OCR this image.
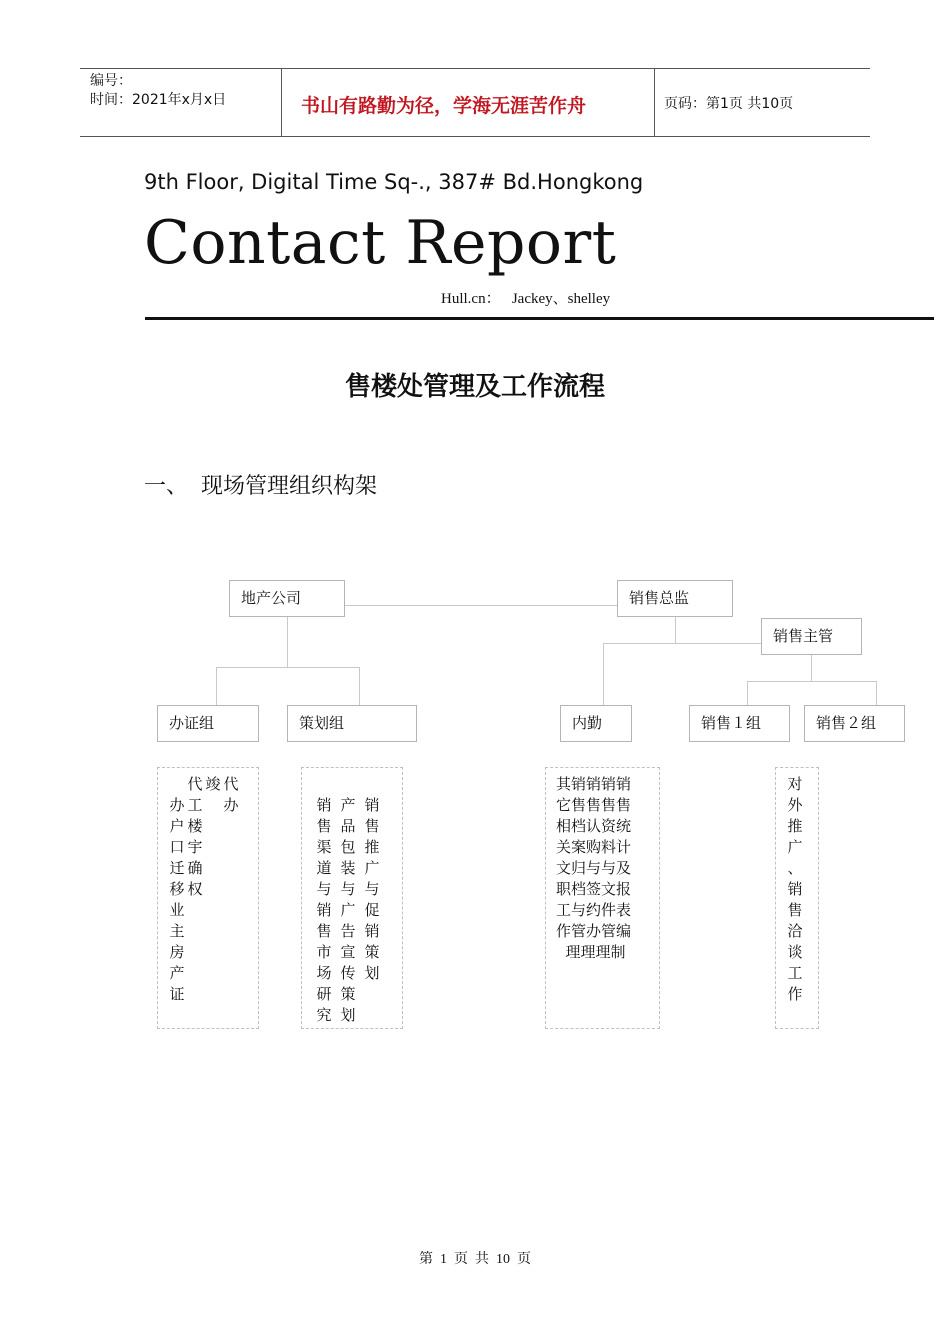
编号：
时间：2021年x月x日	书山有路勤为径，学海无涯苦作舟	页码：第1页 共10页
9th Floor, Digital Time Sq-., 387# Bd.Hongkong
Contact Report
Hull.cn：   Jackey、shelley
售楼处管理及工作流程
一、 现场管理组织构架
地产公司	销售总监
销售主管
办证组	策划组	内勤	销售１组	销售２组

办
户
口
迁
移
业
主
房
产
证
代
工
楼
宇
确
权

竣

代
办

	销
售
渠
道
与
销
售
市
场
研
究
产
品
包
装
与
广
告
宣
传
策
划
销
售
推
广
与
促
销
策
划

其销销销销
它售售售售
相档认资统
关案购料计
文归与与及
职档签文报
工与约件表
作管办管编
理理理制
对
外
推
广
、
销
售
洽
谈
工
作
第  1  页  共  10  页
